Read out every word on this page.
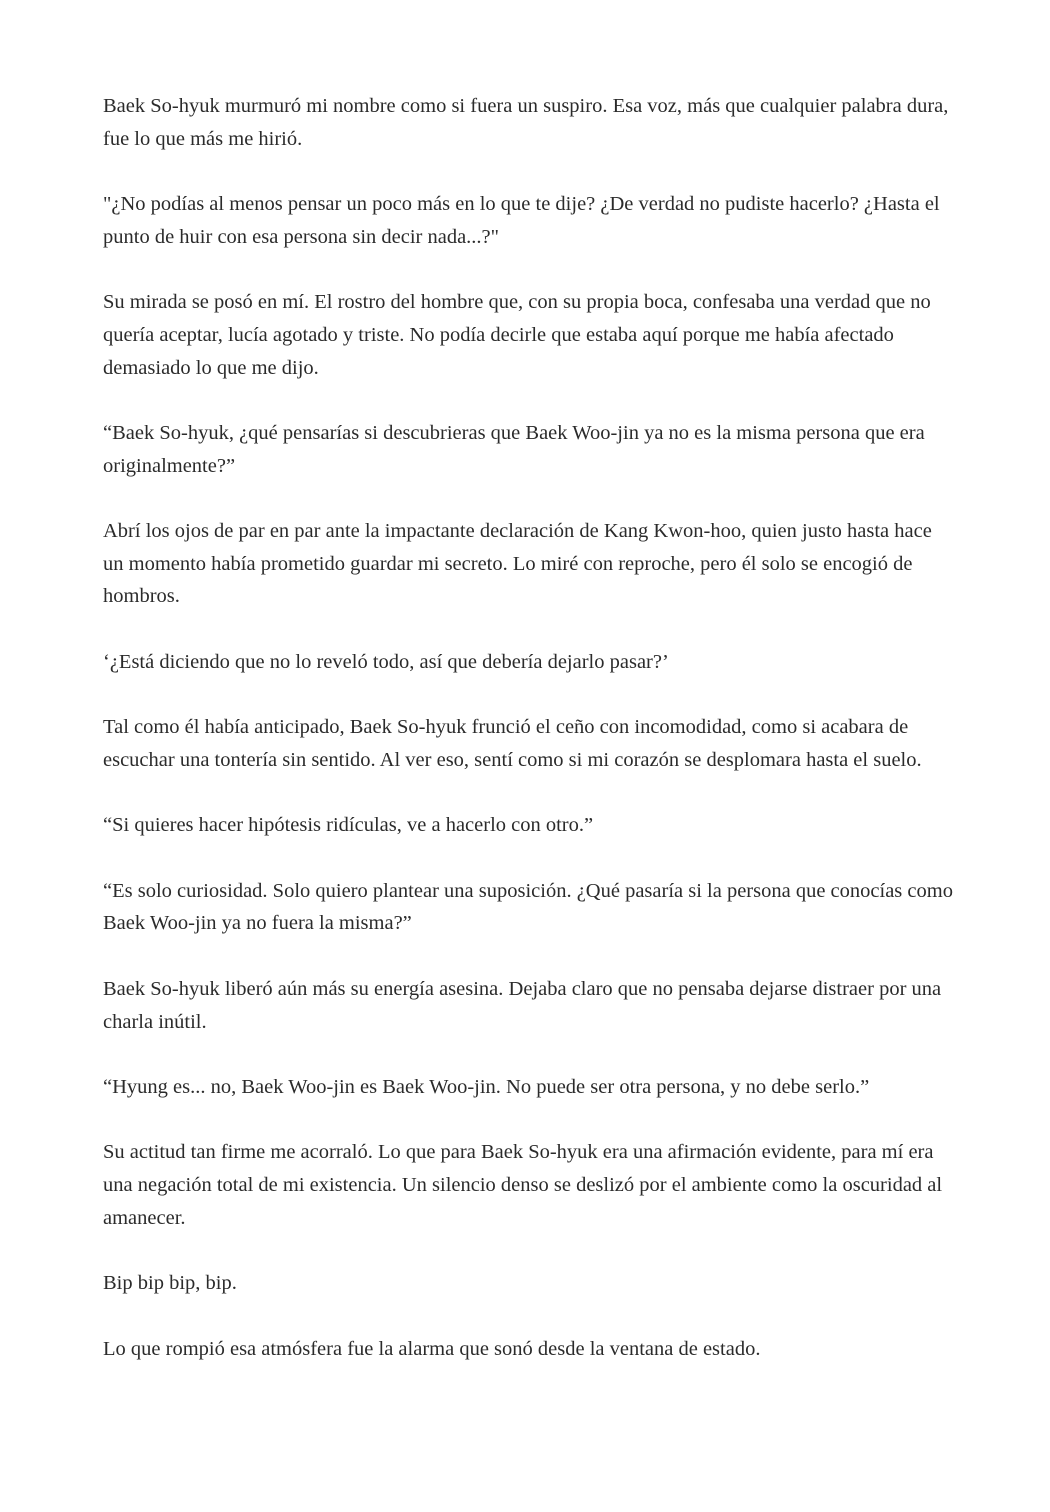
Baek So-hyuk murmuró mi nombre como si fuera un suspiro. Esa voz, más que cualquier palabra dura, fue lo que más me hirió.

"¿No podías al menos pensar un poco más en lo que te dije? ¿De verdad no pudiste hacerlo? ¿Hasta el punto de huir con esa persona sin decir nada...?"

Su mirada se posó en mí. El rostro del hombre que, con su propia boca, confesaba una verdad que no quería aceptar, lucía agotado y triste. No podía decirle que estaba aquí porque me había afectado demasiado lo que me dijo.

“Baek So-hyuk, ¿qué pensarías si descubrieras que Baek Woo-jin ya no es la misma persona que era originalmente?”

Abrí los ojos de par en par ante la impactante declaración de Kang Kwon-hoo, quien justo hasta hace un momento había prometido guardar mi secreto. Lo miré con reproche, pero él solo se encogió de hombros.

‘¿Está diciendo que no lo reveló todo, así que debería dejarlo pasar?’

Tal como él había anticipado, Baek So-hyuk frunció el ceño con incomodidad, como si acabara de escuchar una tontería sin sentido. Al ver eso, sentí como si mi corazón se desplomara hasta el suelo.

“Si quieres hacer hipótesis ridículas, ve a hacerlo con otro.”

“Es solo curiosidad. Solo quiero plantear una suposición. ¿Qué pasaría si la persona que conocías como Baek Woo-jin ya no fuera la misma?”

Baek So-hyuk liberó aún más su energía asesina. Dejaba claro que no pensaba dejarse distraer por una charla inútil.

“Hyung es... no, Baek Woo-jin es Baek Woo-jin. No puede ser otra persona, y no debe serlo.”

Su actitud tan firme me acorraló. Lo que para Baek So-hyuk era una afirmación evidente, para mí era una negación total de mi existencia. Un silencio denso se deslizó por el ambiente como la oscuridad al amanecer.

Bip bip bip, bip.

Lo que rompió esa atmósfera fue la alarma que sonó desde la ventana de estado.
